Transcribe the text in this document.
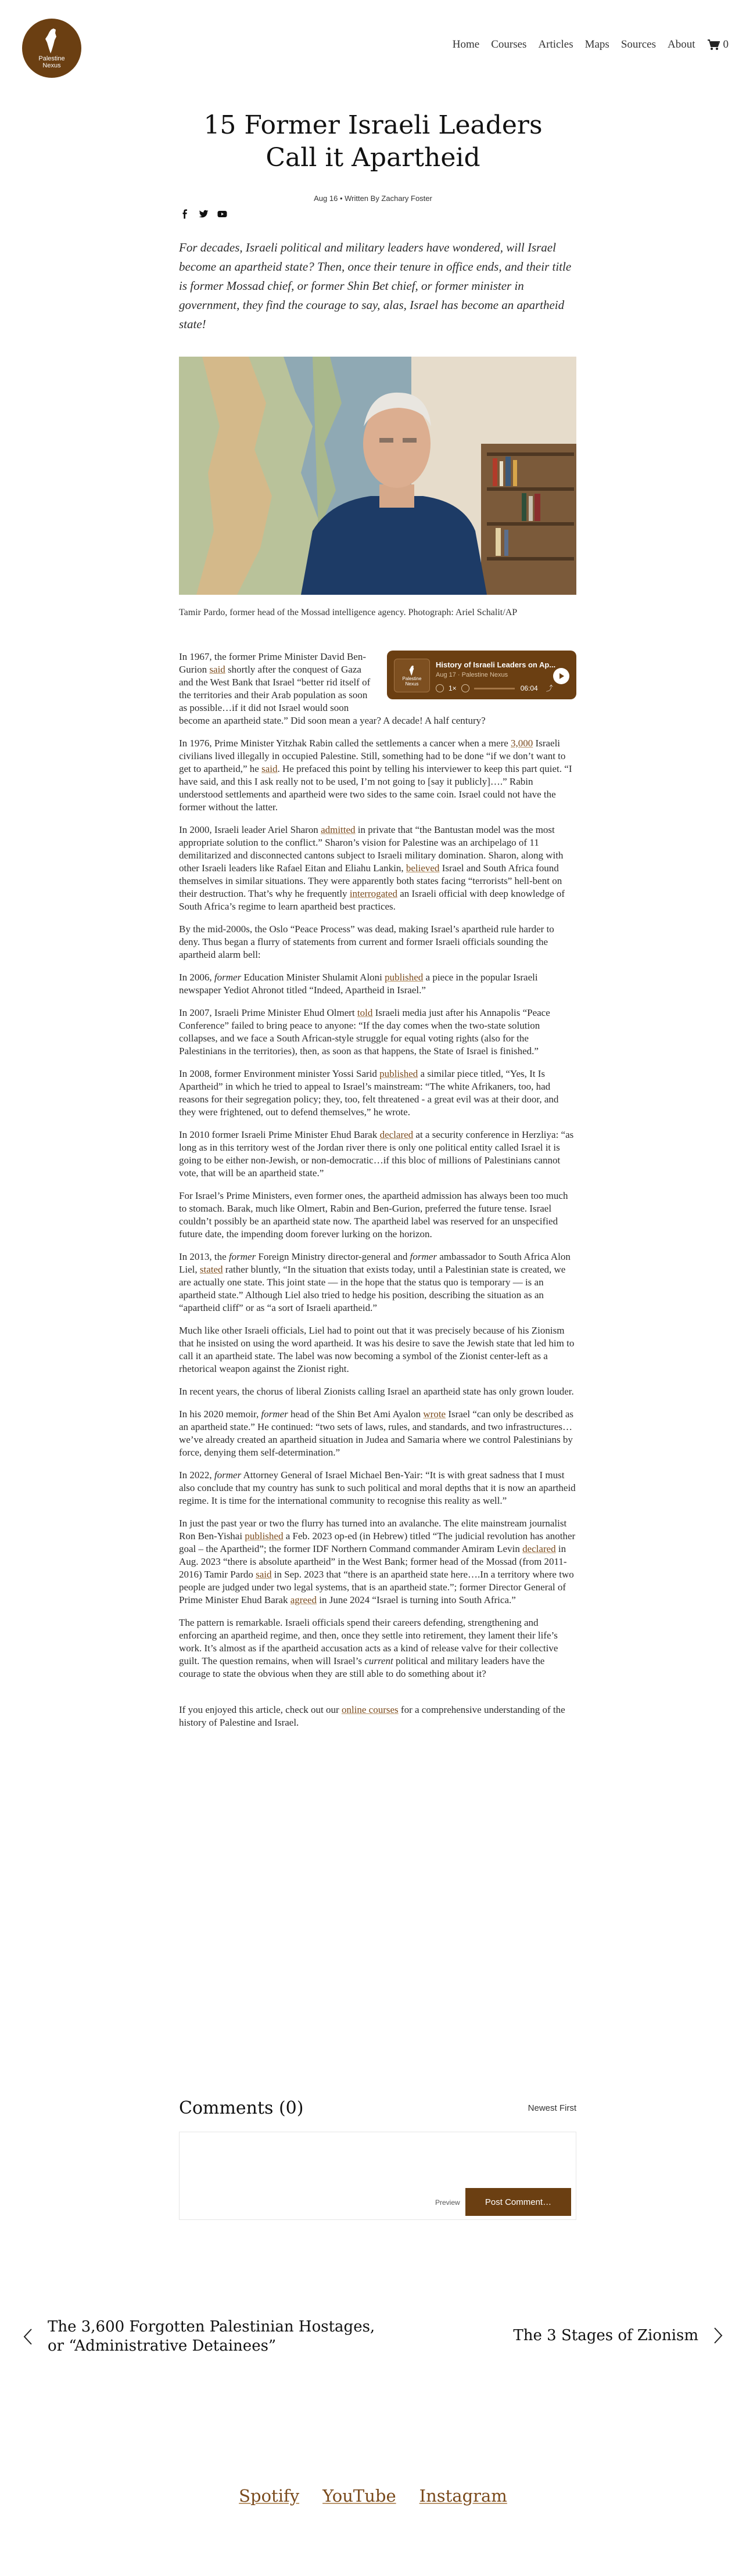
Palestine
Nexus
Home Courses Articles Maps Sources About	0
15 Former Israeli Leaders Call it Apartheid
Aug 16 • Written By Zachary Foster

For decades, Israeli political and military leaders have wondered, will Israel become an apartheid state? Then, once their tenure in office ends, and their title is former Mossad chief, or former Shin Bet chief, or former minister in government, they find the courage to say, alas, Israel has become an apartheid state!

Tamir Pardo, former head of the Mossad intelligence agency. Photograph: Ariel Schalit/AP
Palestine
Nexus
History of Israeli Leaders on Ap...
Aug 17 · Palestine Nexus
1×	06:04 ⤴

In 1967, the former Prime Minister David Ben-Gurion said shortly after the conquest of Gaza and the West Bank that Israel “better rid itself of the territories and their Arab population as soon as possible…if it did not Israel would soon become an apartheid state.” Did soon mean a year? A decade! A half century?

In 1976, Prime Minister Yitzhak Rabin called the settlements a cancer when a mere 3,000 Israeli civilians lived illegally in occupied Palestine. Still, something had to be done “if we don’t want to get to apartheid,” he said. He prefaced this point by telling his interviewer to keep this part quiet. “I have said, and this I ask really not to be used, I’m not going to [say it publicly]….” Rabin understood settlements and apartheid were two sides to the same coin. Israel could not have the former without the latter.

In 2000, Israeli leader Ariel Sharon admitted in private that “the Bantustan model was the most appropriate solution to the conflict.” Sharon’s vision for Palestine was an archipelago of 11 demilitarized and disconnected cantons subject to Israeli military domination. Sharon, along with other Israeli leaders like Rafael Eitan and Eliahu Lankin, believed Israel and South Africa found themselves in similar situations. They were apparently both states facing “terrorists” hell-bent on their destruction. That’s why he frequently interrogated an Israeli official with deep knowledge of South Africa’s regime to learn apartheid best practices.

By the mid-2000s, the Oslo “Peace Process” was dead, making Israel’s apartheid rule harder to deny. Thus began a flurry of statements from current and former Israeli officials sounding the apartheid alarm bell:

In 2006, former Education Minister Shulamit Aloni published a piece in the popular Israeli newspaper Yediot Ahronot titled “Indeed, Apartheid in Israel.”

In 2007, Israeli Prime Minister Ehud Olmert told Israeli media just after his Annapolis “Peace Conference” failed to bring peace to anyone: “If the day comes when the two-state solution collapses, and we face a South African-style struggle for equal voting rights (also for the Palestinians in the territories), then, as soon as that happens, the State of Israel is finished.”

In 2008, former Environment minister Yossi Sarid published a similar piece titled, “Yes, It Is Apartheid” in which he tried to appeal to Israel’s mainstream: “The white Afrikaners, too, had reasons for their segregation policy; they, too, felt threatened - a great evil was at their door, and they were frightened, out to defend themselves,” he wrote.

In 2010 former Israeli Prime Minister Ehud Barak declared at a security conference in Herzliya: “as long as in this territory west of the Jordan river there is only one political entity called Israel it is going to be either non-Jewish, or non-democratic…if this bloc of millions of Palestinians cannot vote, that will be an apartheid state.”

For Israel’s Prime Ministers, even former ones, the apartheid admission has always been too much to stomach. Barak, much like Olmert, Rabin and Ben-Gurion, preferred the future tense. Israel couldn’t possibly be an apartheid state now. The apartheid label was reserved for an unspecified future date, the impending doom forever lurking on the horizon.

In 2013, the former Foreign Ministry director-general and former ambassador to South Africa Alon Liel, stated rather bluntly, “In the situation that exists today, until a Palestinian state is created, we are actually one state. This joint state — in the hope that the status quo is temporary — is an apartheid state.” Although Liel also tried to hedge his position, describing the situation as an “apartheid cliff” or as “a sort of Israeli apartheid.”

Much like other Israeli officials, Liel had to point out that it was precisely because of his Zionism that he insisted on using the word apartheid. It was his desire to save the Jewish state that led him to call it an apartheid state. The label was now becoming a symbol of the Zionist center-left as a rhetorical weapon against the Zionist right.

In recent years, the chorus of liberal Zionists calling Israel an apartheid state has only grown louder.

In his 2020 memoir, former head of the Shin Bet Ami Ayalon wrote Israel “can only be described as an apartheid state.” He continued: “two sets of laws, rules, and standards, and two infrastructures…we’ve already created an apartheid situation in Judea and Samaria where we control Palestinians by force, denying them self-determination.”

In 2022, former Attorney General of Israel Michael Ben-Yair: “It is with great sadness that I must also conclude that my country has sunk to such political and moral depths that it is now an apartheid regime. It is time for the international community to recognise this reality as well.”

In just the past year or two the flurry has turned into an avalanche. The elite mainstream journalist Ron Ben-Yishai published a Feb. 2023 op-ed (in Hebrew) titled “The judicial revolution has another goal – the Apartheid”; the former IDF Northern Command commander Amiram Levin declared in Aug. 2023 “there is absolute apartheid” in the West Bank; former head of the Mossad (from 2011-2016) Tamir Pardo said in Sep. 2023 that “there is an apartheid state here….In a territory where two people are judged under two legal systems, that is an apartheid state.”; former Director General of Prime Minister Ehud Barak agreed in June 2024 “Israel is turning into South Africa.”

The pattern is remarkable. Israeli officials spend their careers defending, strengthening and enforcing an apartheid regime, and then, once they settle into retirement, they lament their life’s work. It’s almost as if the apartheid accusation acts as a kind of release valve for their collective guilt. The question remains, when will Israel’s current political and military leaders have the courage to state the obvious when they are still able to do something about it?

If you enjoyed this article, check out our online courses for a comprehensive understanding of the history of Palestine and Israel.

Comments (0)	Newest First
Preview	Post Comment…
The 3,600 Forgotten Palestinian Hostages, or “Administrative Detainees”
The 3 Stages of Zionism
Spotify YouTube Instagram
